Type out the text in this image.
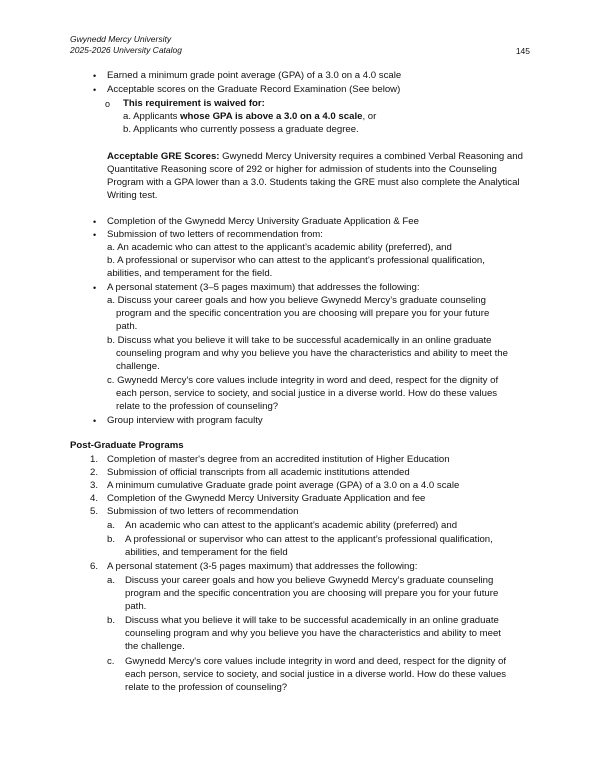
Gwynedd Mercy University
2025-2026 University Catalog	145
• Earned a minimum grade point average (GPA) of a 3.0 on a 4.0 scale
• Acceptable scores on the Graduate Record Examination (See below)
o This requirement is waived for:
a. Applicants whose GPA is above a 3.0 on a 4.0 scale, or
b. Applicants who currently possess a graduate degree.
Acceptable GRE Scores: Gwynedd Mercy University requires a combined Verbal Reasoning and
Quantitative Reasoning score of 292 or higher for admission of students into the Counseling
Program with a GPA lower than a 3.0. Students taking the GRE must also complete the Analytical
Writing test.
• Completion of the Gwynedd Mercy University Graduate Application & Fee
• Submission of two letters of recommendation from:
a. An academic who can attest to the applicant’s academic ability (preferred), and
b. A professional or supervisor who can attest to the applicant’s professional qualification,
abilities, and temperament for the field.
• A personal statement (3–5 pages maximum) that addresses the following:
a. Discuss your career goals and how you believe Gwynedd Mercy’s graduate counseling
program and the specific concentration you are choosing will prepare you for your future
path.
b. Discuss what you believe it will take to be successful academically in an online graduate
counseling program and why you believe you have the characteristics and ability to meet the
challenge.
c. Gwynedd Mercy's core values include integrity in word and deed, respect for the dignity of
each person, service to society, and social justice in a diverse world. How do these values
relate to the profession of counseling?
• Group interview with program faculty
Post-Graduate Programs
1. Completion of master's degree from an accredited institution of Higher Education
2. Submission of official transcripts from all academic institutions attended
3. A minimum cumulative Graduate grade point average (GPA) of a 3.0 on a 4.0 scale
4. Completion of the Gwynedd Mercy University Graduate Application and fee
5. Submission of two letters of recommendation
a. An academic who can attest to the applicant’s academic ability (preferred) and
b. A professional or supervisor who can attest to the applicant’s professional qualification,
abilities, and temperament for the field
6. A personal statement (3-5 pages maximum) that addresses the following:
a. Discuss your career goals and how you believe Gwynedd Mercy’s graduate counseling
program and the specific concentration you are choosing will prepare you for your future
path.
b. Discuss what you believe it will take to be successful academically in an online graduate
counseling program and why you believe you have the characteristics and ability to meet
the challenge.
c. Gwynedd Mercy's core values include integrity in word and deed, respect for the dignity of
each person, service to society, and social justice in a diverse world. How do these values
relate to the profession of counseling?
